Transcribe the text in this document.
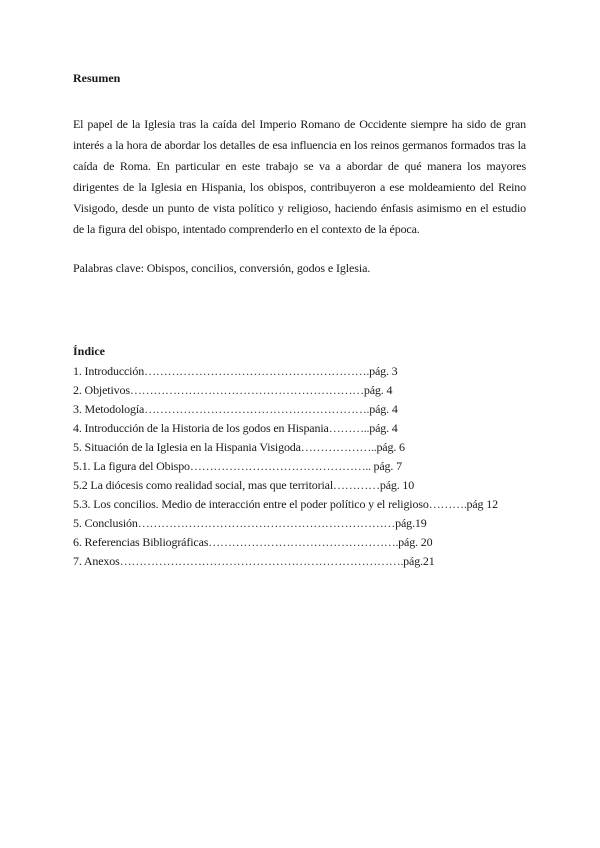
Resumen
El papel de la Iglesia tras la caída del Imperio Romano de Occidente siempre ha sido de gran interés a la hora de abordar los detalles de esa influencia en los reinos germanos formados tras la caída de Roma. En particular en este trabajo se va a abordar de qué manera los mayores dirigentes de la Iglesia en Hispania, los obispos, contribuyeron a ese moldeamiento del Reino Visigodo, desde un punto de vista político y religioso, haciendo énfasis asimismo en el estudio de la figura del obispo, intentado comprenderlo en el contexto de la época.
Palabras clave: Obispos, concilios, conversión, godos e Iglesia.
Índice
1. Introducción………………………………………………….pág. 3
2. Objetivos……………………………………………………pág. 4
3. Metodología………………………………………………….pág. 4
4. Introducción de la Historia de los godos en Hispania………..pág. 4
5. Situación de la Iglesia en la Hispania Visigoda………………..pág. 6
5.1. La figura del Obispo……………………………………….. pág. 7
5.2 La diócesis como realidad social, mas que territorial…………pág. 10
5.3. Los concilios. Medio de interacción entre el poder político y el religioso……….pág 12
5. Conclusión…………………………………………………………pág.19
6. Referencias Bibliográficas………………………………………….pág. 20
7. Anexos……………………………………………………………….pág.21
